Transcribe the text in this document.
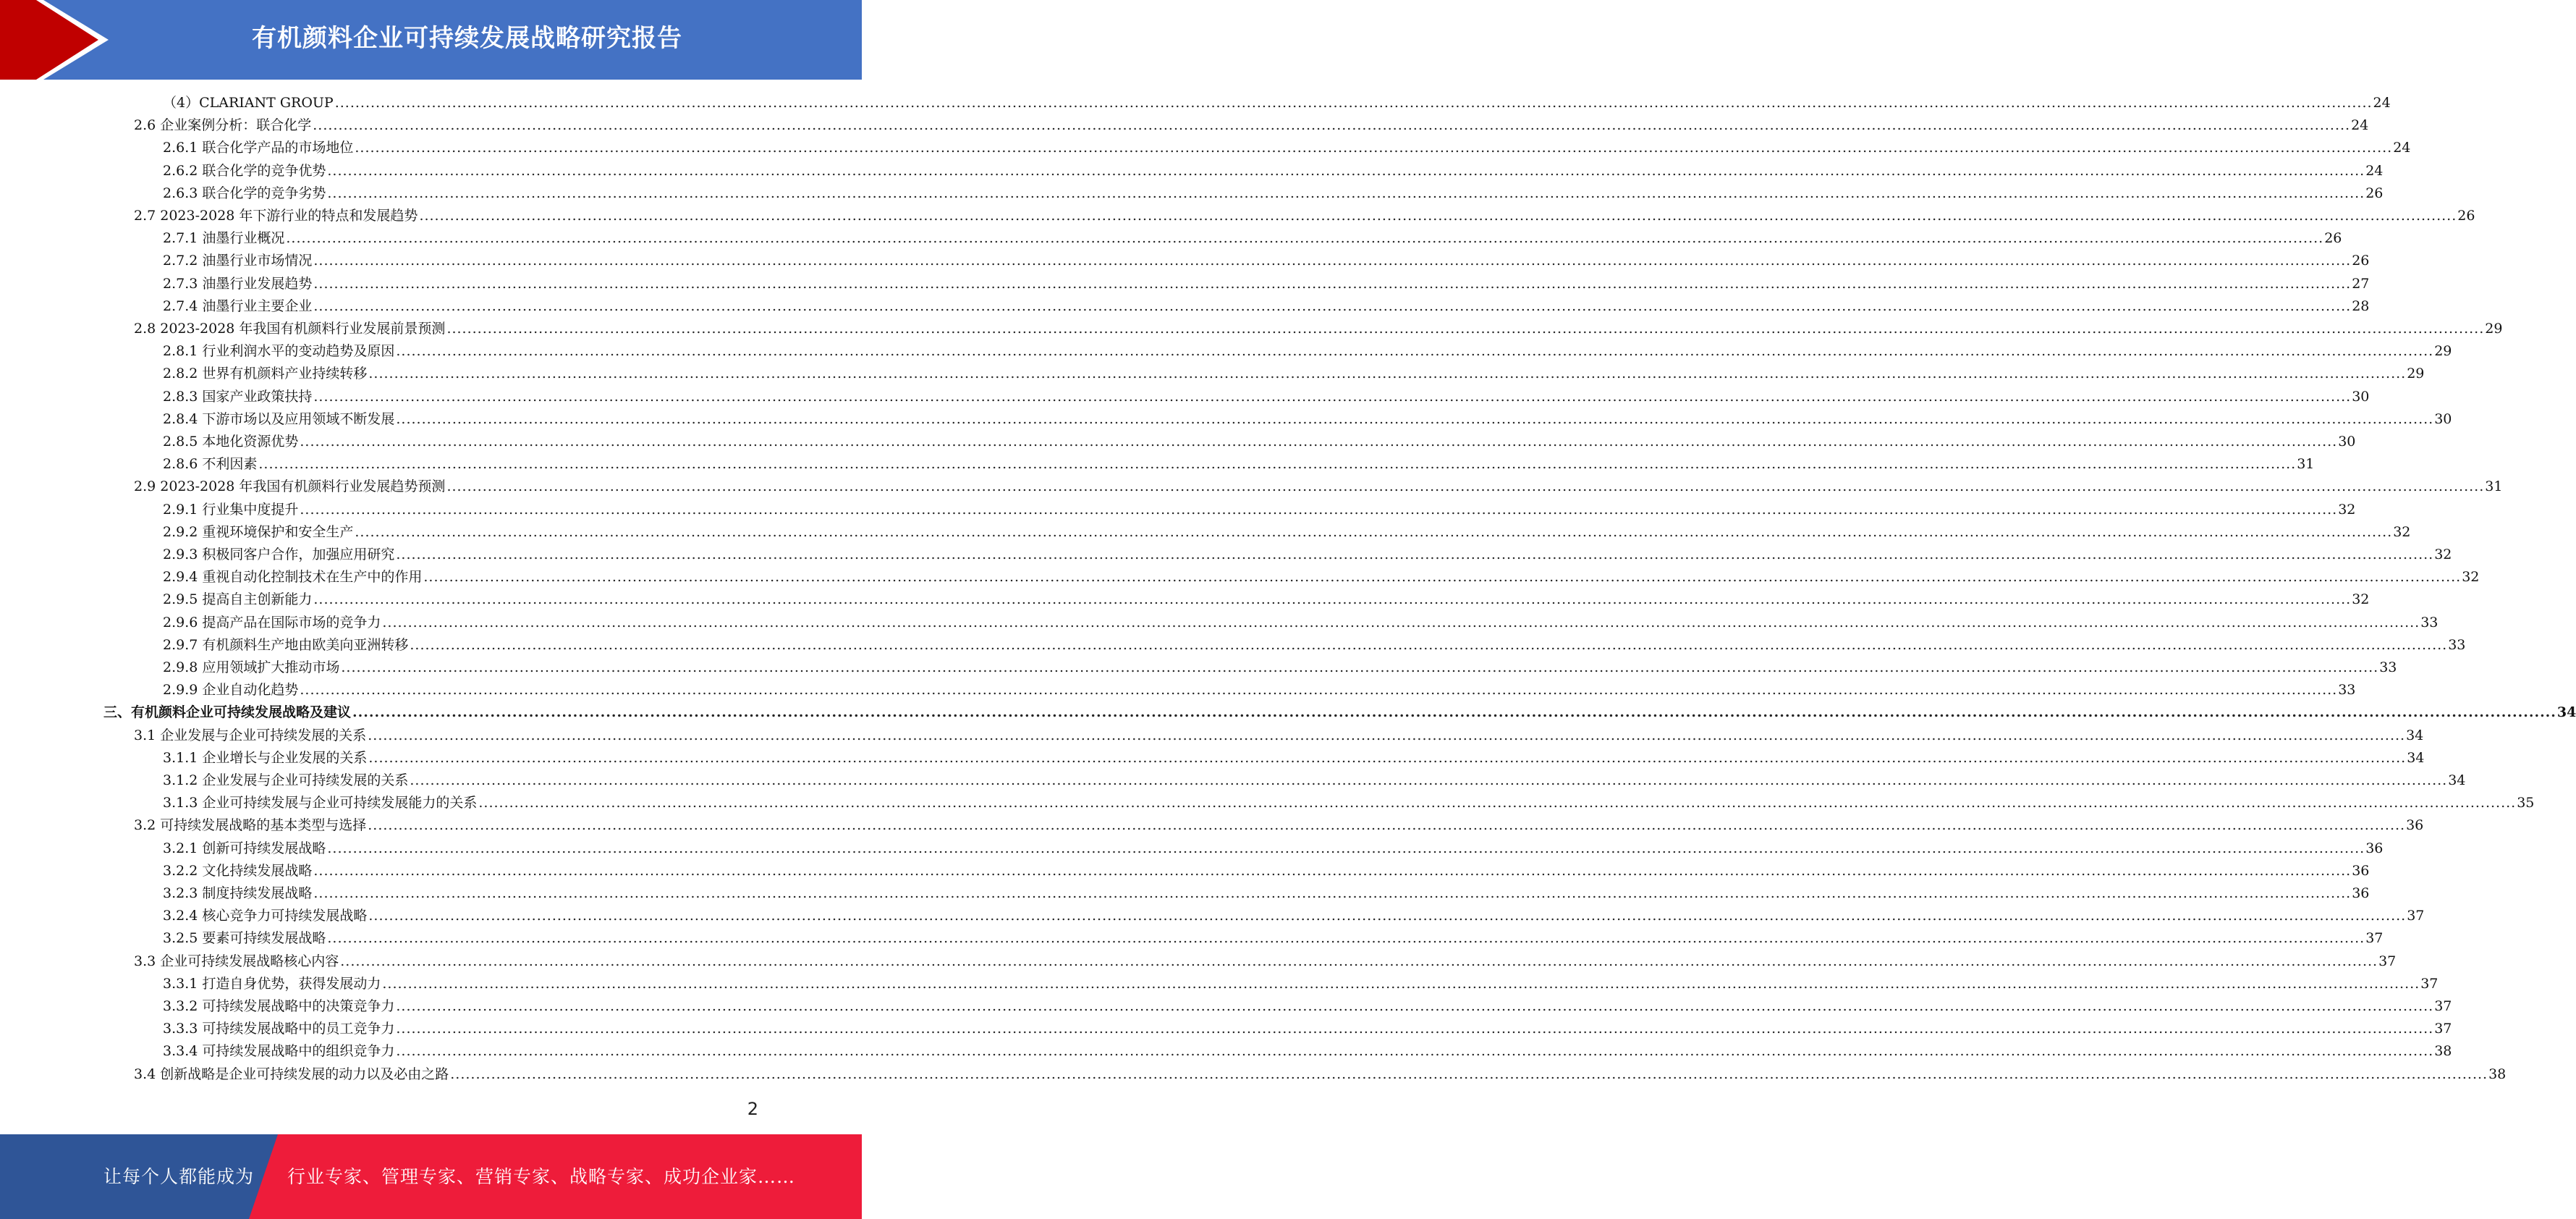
有机颜料企业可持续发展战略研究报告
（4）CLARIANT GROUP ................................................................................................................................................................................................................................................................................................................................................................................................................ 24
2.6 企业案例分析：联合化学 ................................................................................................................................................................................................................................................................................................................................................................................................................ 24
2.6.1 联合化学产品的市场地位 ................................................................................................................................................................................................................................................................................................................................................................................................................ 24
2.6.2 联合化学的竞争优势 ................................................................................................................................................................................................................................................................................................................................................................................................................ 24
2.6.3 联合化学的竞争劣势 ................................................................................................................................................................................................................................................................................................................................................................................................................ 26
2.7 2023-2028 年下游行业的特点和发展趋势 ................................................................................................................................................................................................................................................................................................................................................................................................................ 26
2.7.1 油墨行业概况 ................................................................................................................................................................................................................................................................................................................................................................................................................ 26
2.7.2 油墨行业市场情况 ................................................................................................................................................................................................................................................................................................................................................................................................................ 26
2.7.3 油墨行业发展趋势 ................................................................................................................................................................................................................................................................................................................................................................................................................ 27
2.7.4 油墨行业主要企业 ................................................................................................................................................................................................................................................................................................................................................................................................................ 28
2.8 2023-2028 年我国有机颜料行业发展前景预测 ................................................................................................................................................................................................................................................................................................................................................................................................................ 29
2.8.1 行业利润水平的变动趋势及原因 ................................................................................................................................................................................................................................................................................................................................................................................................................ 29
2.8.2 世界有机颜料产业持续转移 ................................................................................................................................................................................................................................................................................................................................................................................................................ 29
2.8.3 国家产业政策扶持 ................................................................................................................................................................................................................................................................................................................................................................................................................ 30
2.8.4 下游市场以及应用领域不断发展 ................................................................................................................................................................................................................................................................................................................................................................................................................ 30
2.8.5 本地化资源优势 ................................................................................................................................................................................................................................................................................................................................................................................................................ 30
2.8.6 不利因素 ................................................................................................................................................................................................................................................................................................................................................................................................................ 31
2.9 2023-2028 年我国有机颜料行业发展趋势预测 ................................................................................................................................................................................................................................................................................................................................................................................................................ 31
2.9.1 行业集中度提升 ................................................................................................................................................................................................................................................................................................................................................................................................................ 32
2.9.2 重视环境保护和安全生产 ................................................................................................................................................................................................................................................................................................................................................................................................................ 32
2.9.3 积极同客户合作，加强应用研究 ................................................................................................................................................................................................................................................................................................................................................................................................................ 32
2.9.4 重视自动化控制技术在生产中的作用 ................................................................................................................................................................................................................................................................................................................................................................................................................ 32
2.9.5 提高自主创新能力 ................................................................................................................................................................................................................................................................................................................................................................................................................ 32
2.9.6 提高产品在国际市场的竞争力 ................................................................................................................................................................................................................................................................................................................................................................................................................ 33
2.9.7 有机颜料生产地由欧美向亚洲转移 ................................................................................................................................................................................................................................................................................................................................................................................................................ 33
2.9.8 应用领域扩大推动市场 ................................................................................................................................................................................................................................................................................................................................................................................................................ 33
2.9.9 企业自动化趋势 ................................................................................................................................................................................................................................................................................................................................................................................................................ 33
三、有机颜料企业可持续发展战略及建议 ................................................................................................................................................................................................................................................................................................................................................................................................................ 34
3.1 企业发展与企业可持续发展的关系 ................................................................................................................................................................................................................................................................................................................................................................................................................ 34
3.1.1 企业增长与企业发展的关系 ................................................................................................................................................................................................................................................................................................................................................................................................................ 34
3.1.2 企业发展与企业可持续发展的关系 ................................................................................................................................................................................................................................................................................................................................................................................................................ 34
3.1.3 企业可持续发展与企业可持续发展能力的关系 ................................................................................................................................................................................................................................................................................................................................................................................................................ 35
3.2 可持续发展战略的基本类型与选择 ................................................................................................................................................................................................................................................................................................................................................................................................................ 36
3.2.1 创新可持续发展战略 ................................................................................................................................................................................................................................................................................................................................................................................................................ 36
3.2.2 文化持续发展战略 ................................................................................................................................................................................................................................................................................................................................................................................................................ 36
3.2.3 制度持续发展战略 ................................................................................................................................................................................................................................................................................................................................................................................................................ 36
3.2.4 核心竞争力可持续发展战略 ................................................................................................................................................................................................................................................................................................................................................................................................................ 37
3.2.5 要素可持续发展战略 ................................................................................................................................................................................................................................................................................................................................................................................................................ 37
3.3 企业可持续发展战略核心内容 ................................................................................................................................................................................................................................................................................................................................................................................................................ 37
3.3.1 打造自身优势，获得发展动力 ................................................................................................................................................................................................................................................................................................................................................................................................................ 37
3.3.2 可持续发展战略中的决策竞争力 ................................................................................................................................................................................................................................................................................................................................................................................................................ 37
3.3.3 可持续发展战略中的员工竞争力 ................................................................................................................................................................................................................................................................................................................................................................................................................ 37
3.3.4 可持续发展战略中的组织竞争力 ................................................................................................................................................................................................................................................................................................................................................................................................................ 38
3.4 创新战略是企业可持续发展的动力以及必由之路 ................................................................................................................................................................................................................................................................................................................................................................................................................ 38
2
让每个人都能成为 行业专家、管理专家、营销专家、战略专家、成功企业家……
